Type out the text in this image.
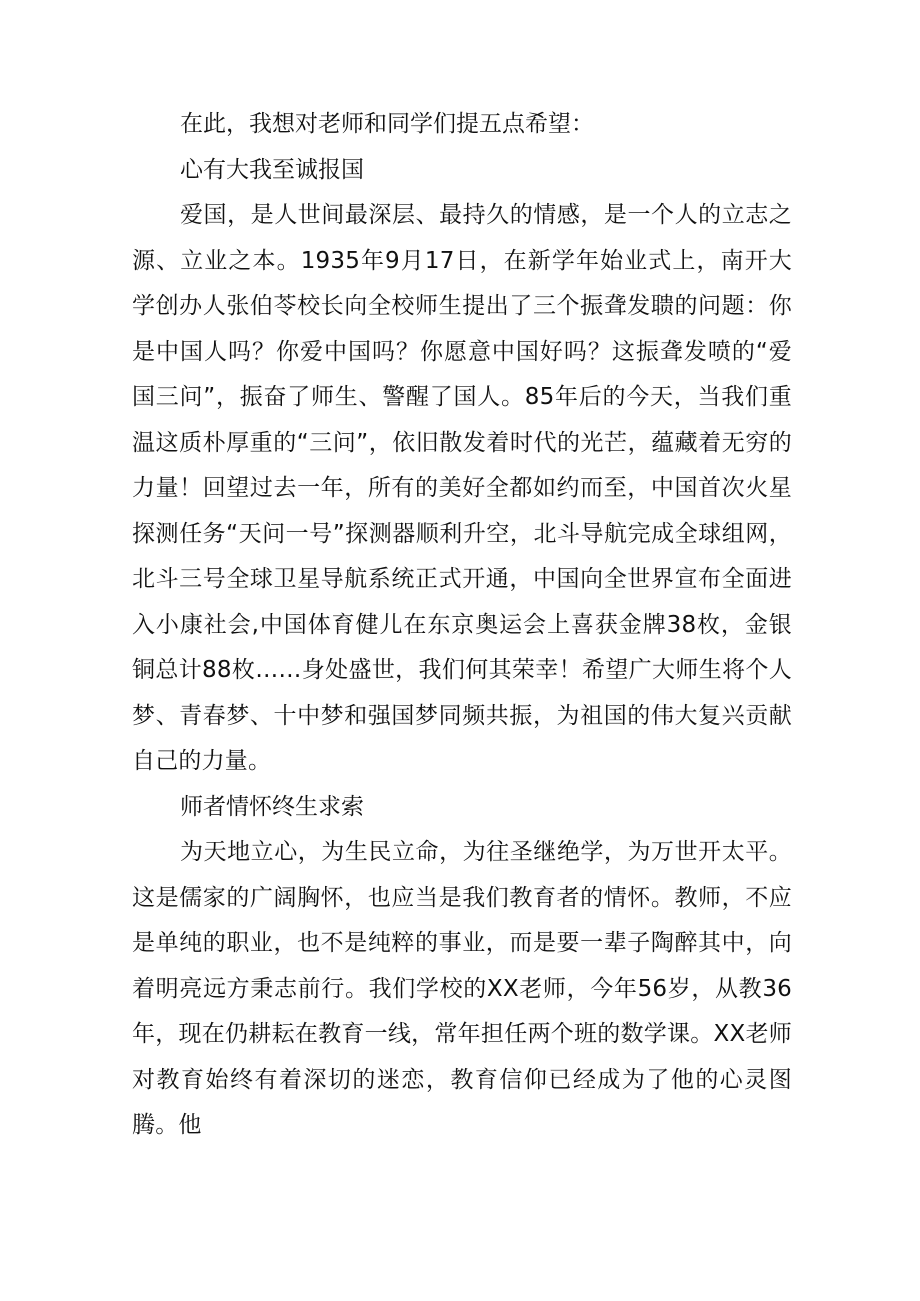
在此，我想对老师和同学们提五点希望：

心有大我至诚报国

爱国，是人世间最深层、最持久的情感，是一个人的立志之源、立业之本。1935年9月17日，在新学年始业式上，南开大学创办人张伯苓校长向全校师生提出了三个振聋发聩的问题：你是中国人吗？你爱中国吗？你愿意中国好吗？这振聋发喷的“爱国三问”，振奋了师生、警醒了国人。85年后的今天，当我们重温这质朴厚重的“三问”，依旧散发着时代的光芒，蕴藏着无穷的力量！回望过去一年，所有的美好全都如约而至，中国首次火星探测任务“天问一号”探测器顺利升空，北斗导航完成全球组网，北斗三号全球卫星导航系统正式开通，中国向全世界宣布全面进入小康社会,中国体育健儿在东京奥运会上喜获金牌38枚，金银铜总计88枚……身处盛世，我们何其荣幸！希望广大师生将个人梦、青春梦、十中梦和强国梦同频共振，为祖国的伟大复兴贡献自己的力量。

师者情怀终生求索

为天地立心，为生民立命，为往圣继绝学，为万世开太平。这是儒家的广阔胸怀，也应当是我们教育者的情怀。教师，不应是单纯的职业，也不是纯粹的事业，而是要一辈子陶醉其中，向着明亮远方秉志前行。我们学校的XX老师，今年56岁，从教36年，现在仍耕耘在教育一线，常年担任两个班的数学课。XX老师对教育始终有着深切的迷恋，教育信仰已经成为了他的心灵图腾。他
